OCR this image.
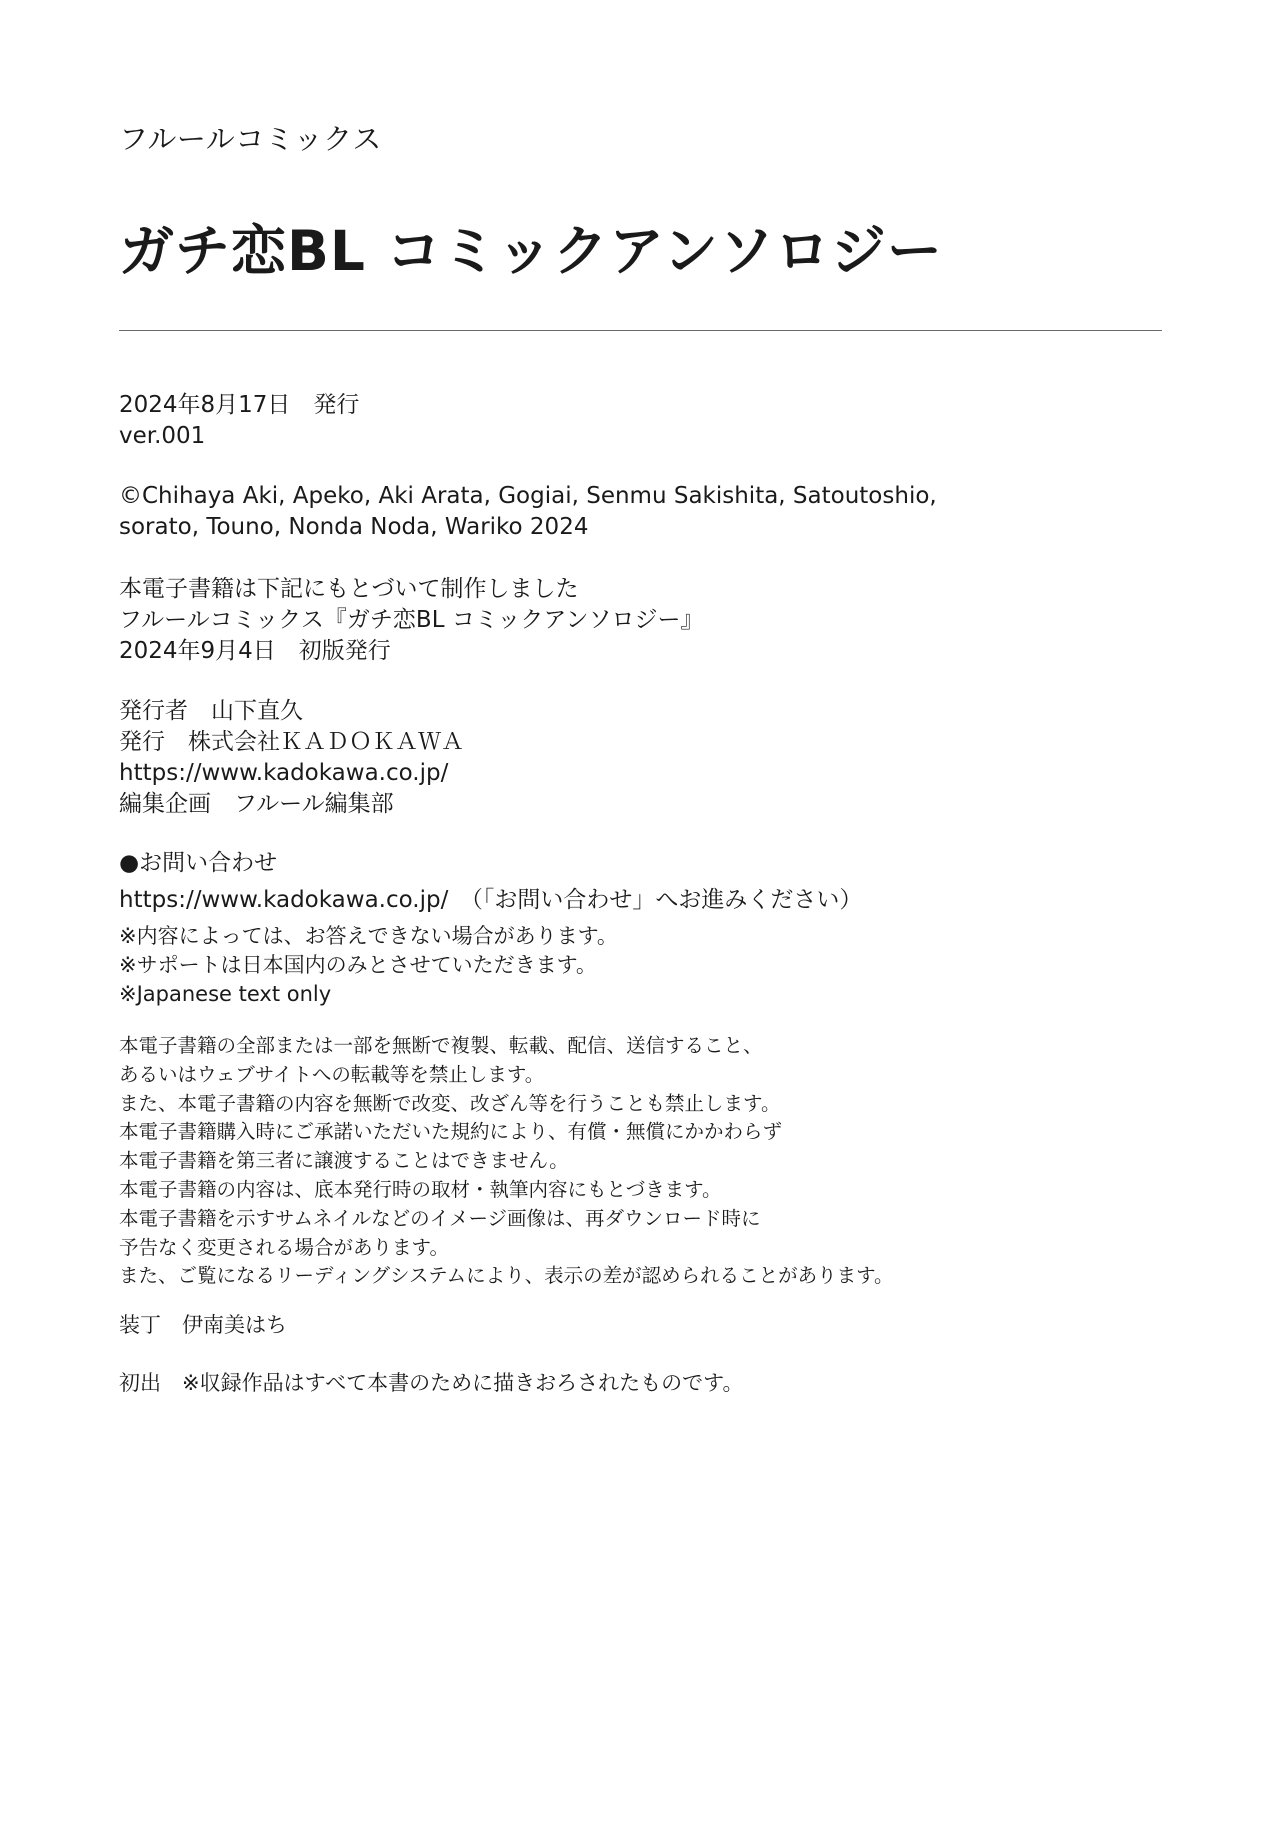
フルールコミックス
ガチ恋BL コミックアンソロジー
2024年8月17日　発行
ver.001
©Chihaya Aki, Apeko, Aki Arata, Gogiai, Senmu Sakishita, Satoutoshio,
sorato, Touno, Nonda Noda, Wariko 2024
本電子書籍は下記にもとづいて制作しました
フルールコミックス『ガチ恋BL コミックアンソロジー』
2024年9月4日　初版発行
発行者　山下直久
発行　株式会社ＫＡＤＯＫＡＷＡ
https://www.kadokawa.co.jp/
編集企画　フルール編集部
●お問い合わせ
https://www.kadokawa.co.jp/　（「お問い合わせ」へお進みください）
※内容によっては、お答えできない場合があります。
※サポートは日本国内のみとさせていただきます。
※Japanese text only
本電子書籍の全部または一部を無断で複製、転載、配信、送信すること、
あるいはウェブサイトへの転載等を禁止します。
また、本電子書籍の内容を無断で改変、改ざん等を行うことも禁止します。
本電子書籍購入時にご承諾いただいた規約により、有償・無償にかかわらず
本電子書籍を第三者に譲渡することはできません。
本電子書籍の内容は、底本発行時の取材・執筆内容にもとづきます。
本電子書籍を示すサムネイルなどのイメージ画像は、再ダウンロード時に
予告なく変更される場合があります。
また、ご覧になるリーディングシステムにより、表示の差が認められることがあります。
装丁　伊南美はち
初出　※収録作品はすべて本書のために描きおろされたものです。
